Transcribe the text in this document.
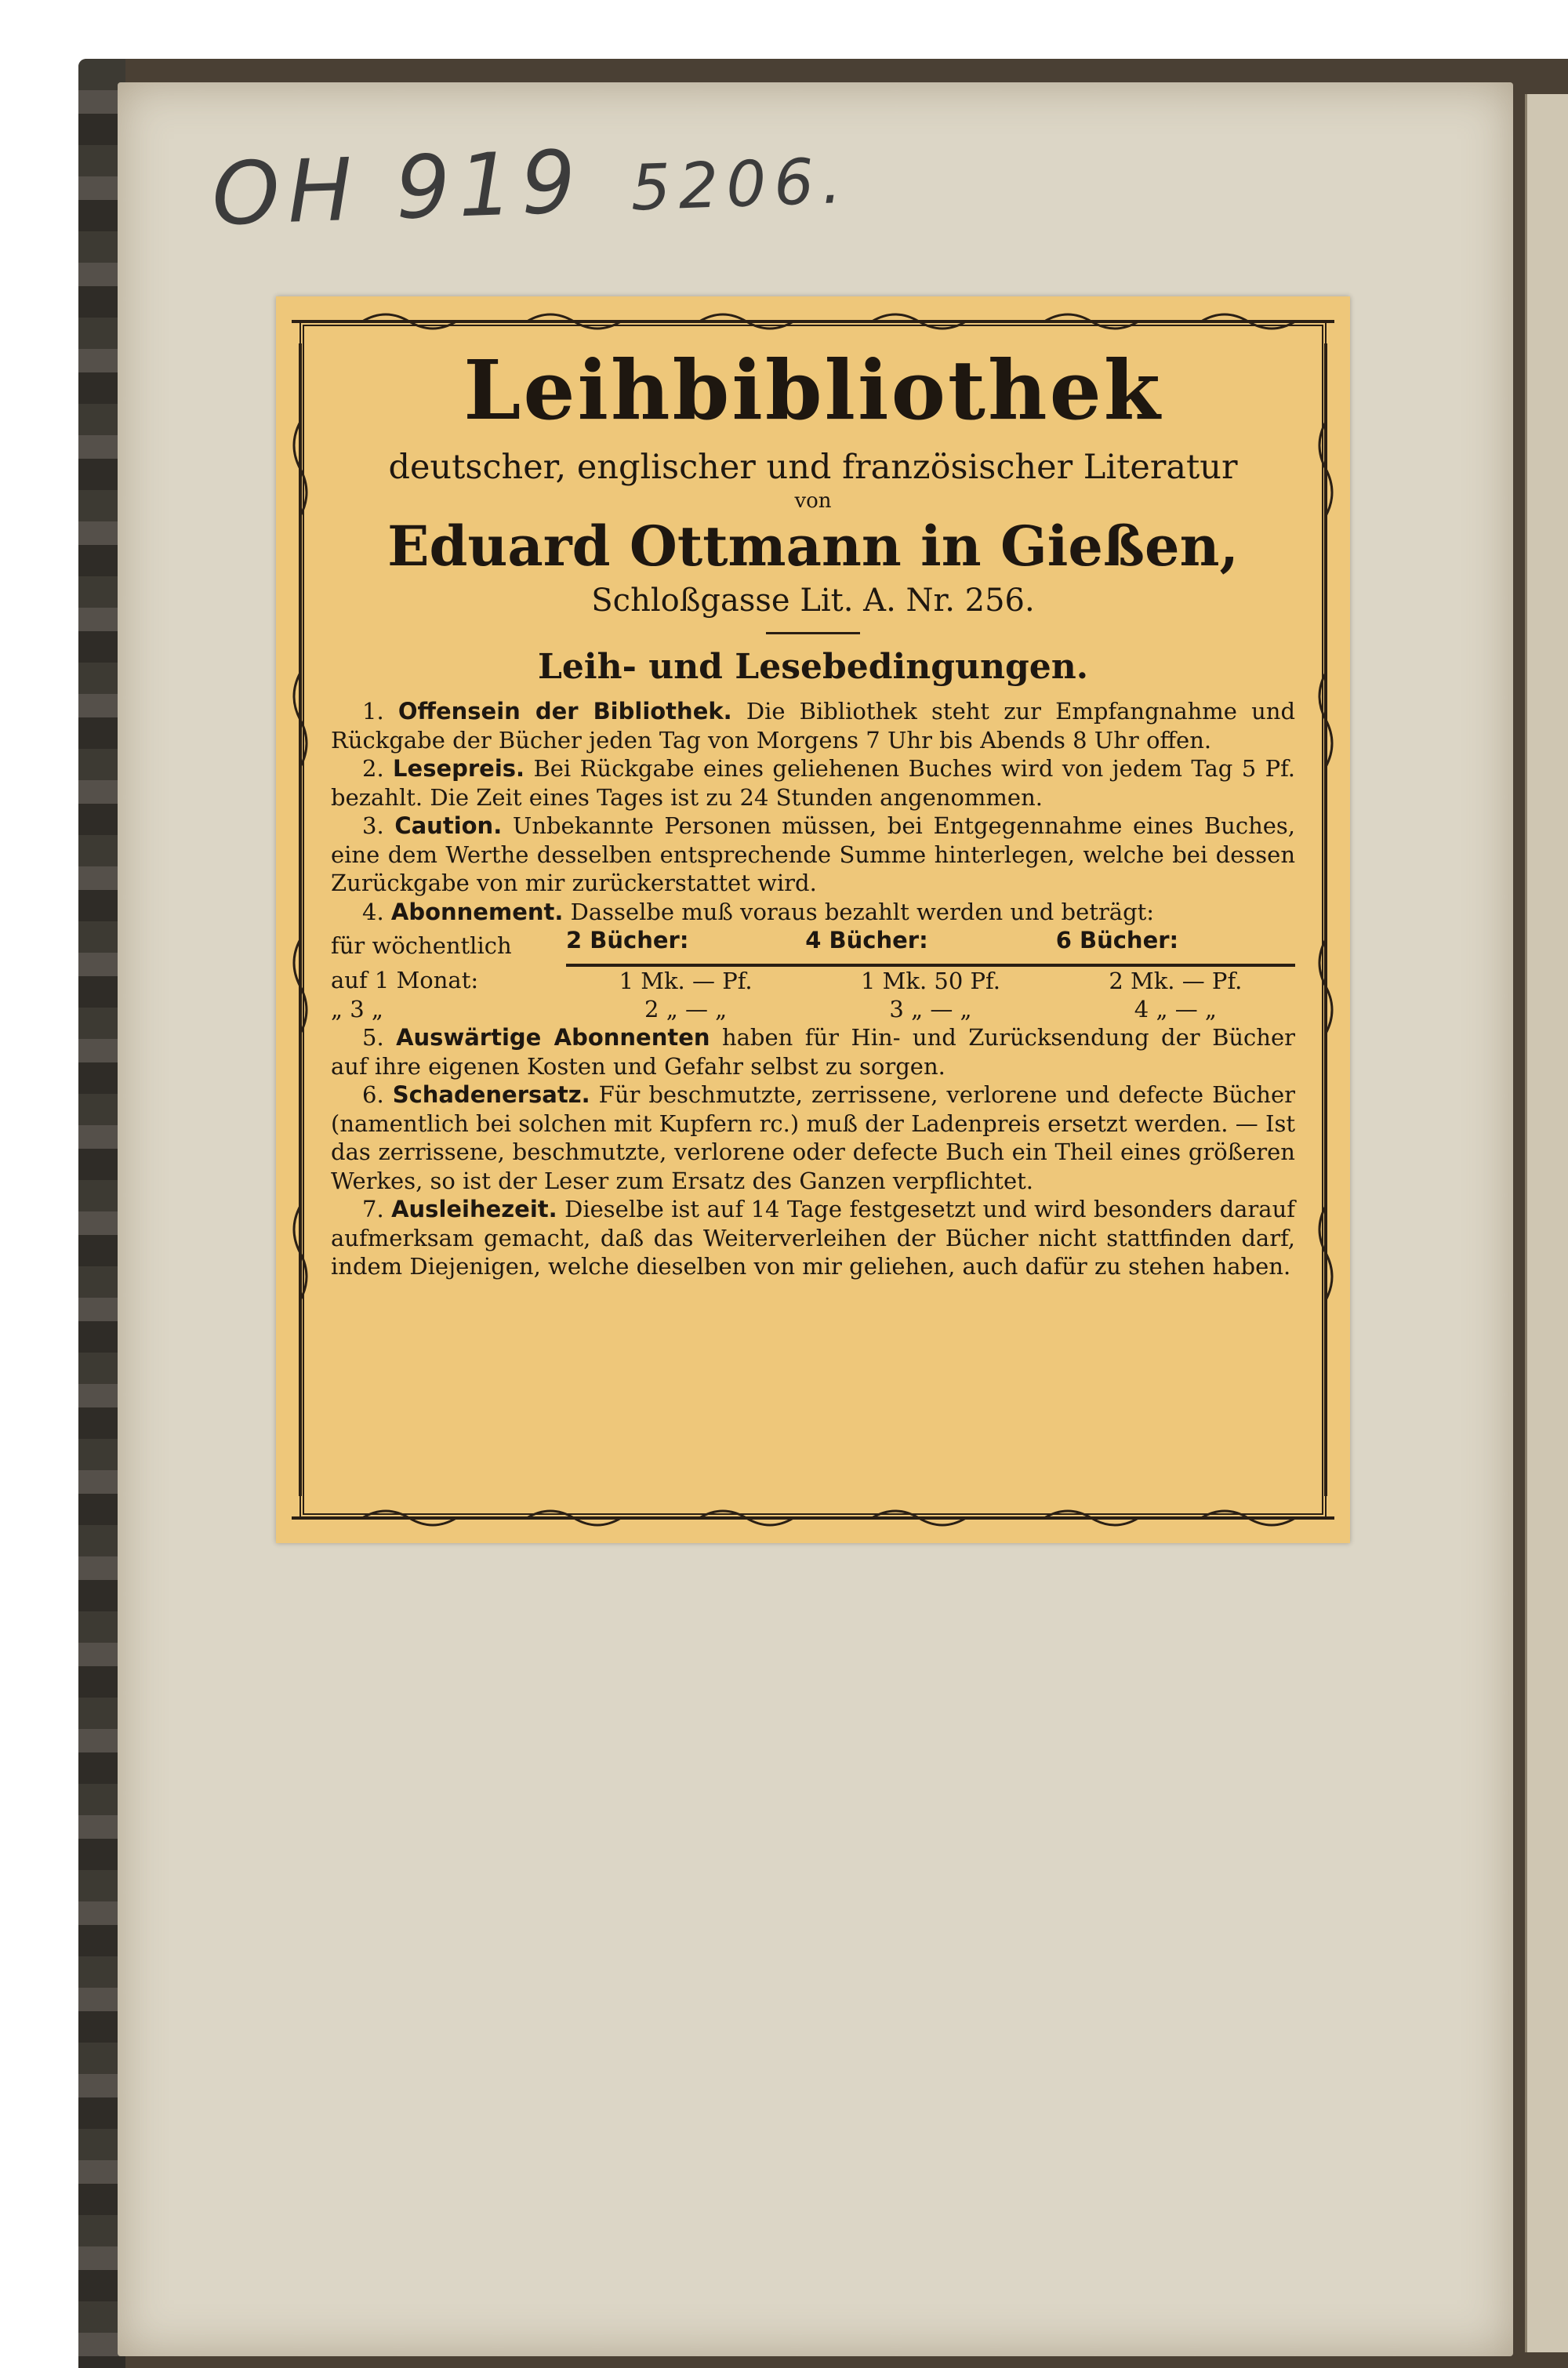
OH 919 5206.
Leihbibliothek
deutscher, englischer und französischer Literatur
von
Eduard Ottmann in Gießen,
Schloßgasse Lit. A. Nr. 256.
Leih- und Lesebedingungen.

1. Offensein der Bibliothek. Die Bibliothek steht zur Empfangnahme und Rückgabe der Bücher jeden Tag von Morgens 7 Uhr bis Abends 8 Uhr offen.

2. Lesepreis. Bei Rückgabe eines geliehenen Buches wird von jedem Tag 5 Pf. bezahlt. Die Zeit eines Tages ist zu 24 Stunden angenommen.

3. Caution. Unbekannte Personen müssen, bei Entgegennahme eines Buches, eine dem Werthe desselben entsprechende Summe hinterlegen, welche bei dessen Zurückgabe von mir zurückerstattet wird.

4. Abonnement. Dasselbe muß voraus bezahlt werden und beträgt:

für wöchentlich	2 Bücher:	4 Bücher:	6 Bücher:
auf 1 Monat:	1 Mk. — Pf.	1 Mk. 50 Pf.	2 Mk. — Pf.
„ 3 „	2 „ — „	3 „ — „	4 „ — „

5. Auswärtige Abonnenten haben für Hin- und Zurücksendung der Bücher auf ihre eigenen Kosten und Gefahr selbst zu sorgen.

6. Schadenersatz. Für beschmutzte, zerrissene, verlorene und defecte Bücher (namentlich bei solchen mit Kupfern rc.) muß der Ladenpreis ersetzt werden. — Ist das zerrissene, beschmutzte, verlorene oder defecte Buch ein Theil eines größeren Werkes, so ist der Leser zum Ersatz des Ganzen verpflichtet.

7. Ausleihezeit. Dieselbe ist auf 14 Tage festgesetzt und wird besonders darauf aufmerksam gemacht, daß das Weiterverleihen der Bücher nicht stattfinden darf, indem Diejenigen, welche dieselben von mir geliehen, auch dafür zu stehen haben.
